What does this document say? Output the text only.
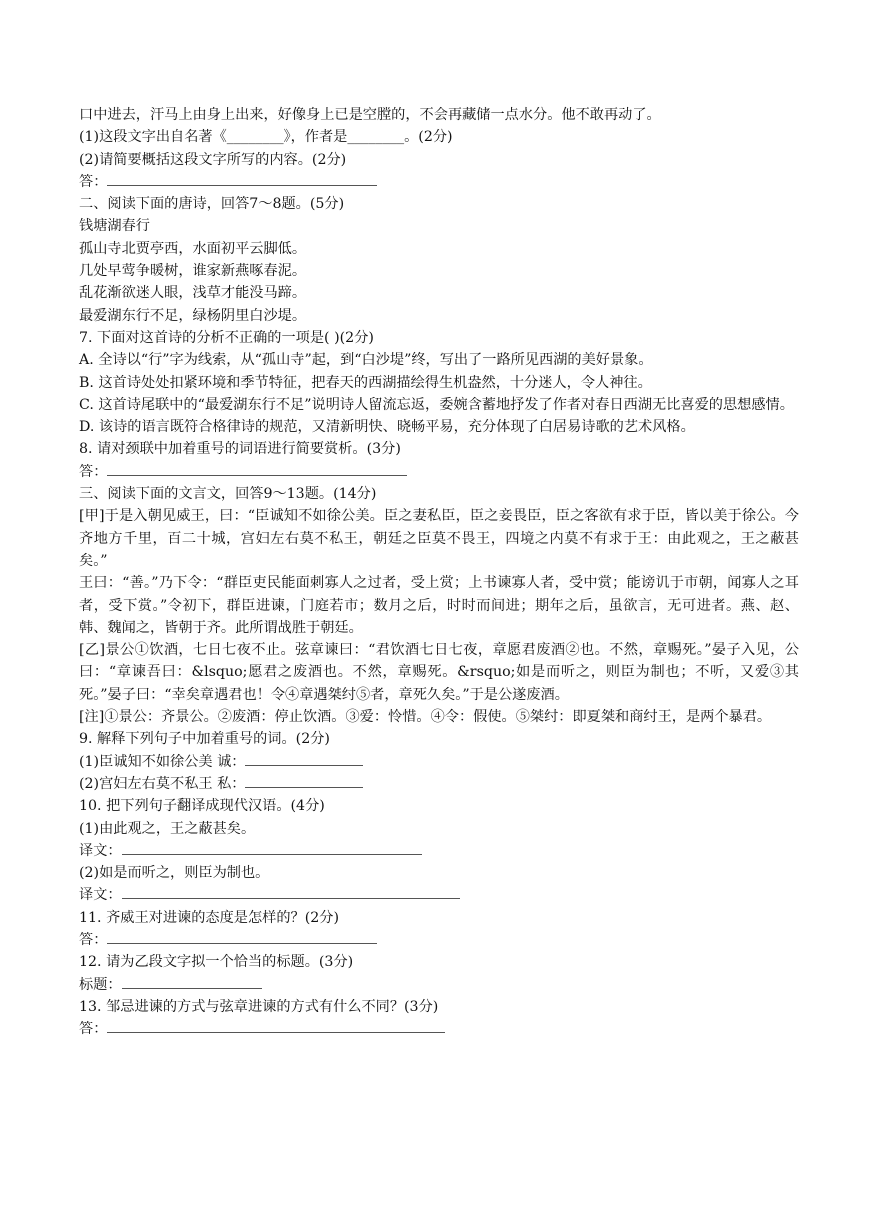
口中进去，汗马上由身上出来，好像身上已是空膛的，不会再藏储一点水分。他不敢再动了。
(1)这段文字出自名著《________》，作者是________。(2分)
(2)请简要概括这段文字所写的内容。(2分)
答：
二、阅读下面的唐诗，回答7～8题。(5分)
钱塘湖春行
孤山寺北贾亭西，水面初平云脚低。
几处早莺争暖树，谁家新燕啄春泥。
乱花渐欲迷人眼，浅草才能没马蹄。
最爱湖东行不足，绿杨阴里白沙堤。
7. 下面对这首诗的分析不正确的一项是( )(2分)
A. 全诗以“行”字为线索，从“孤山寺”起，到“白沙堤”终，写出了一路所见西湖的美好景象。
B. 这首诗处处扣紧环境和季节特征，把春天的西湖描绘得生机盎然，十分迷人，令人神往。
C. 这首诗尾联中的“最爱湖东行不足”说明诗人留流忘返，委婉含蓄地抒发了作者对春日西湖无比喜爱的思想感情。
D. 该诗的语言既符合格律诗的规范，又清新明快、晓畅平易，充分体现了白居易诗歌的艺术风格。
8. 请对颈联中加着重号的词语进行简要赏析。(3分)
答：
三、阅读下面的文言文，回答9～13题。(14分)
[甲]于是入朝见威王，曰：“臣诚知不如徐公美。臣之妻私臣，臣之妾畏臣，臣之客欲有求于臣，皆以美于徐公。今齐地方千里，百二十城，宫妇左右莫不私王，朝廷之臣莫不畏王，四境之内莫不有求于王：由此观之，王之蔽甚矣。”
王曰：“善。”乃下令：“群臣吏民能面刺寡人之过者，受上赏；上书谏寡人者，受中赏；能谤讥于市朝，闻寡人之耳者，受下赏。”令初下，群臣进谏，门庭若市；数月之后，时时而间进；期年之后，虽欲言，无可进者。燕、赵、韩、魏闻之，皆朝于齐。此所谓战胜于朝廷。
[乙]景公①饮酒，七日七夜不止。弦章谏曰：“君饮酒七日七夜，章愿君废酒②也。不然，章赐死。”晏子入见，公曰：“章谏吾曰：&lsquo;愿君之废酒也。不然，章赐死。&rsquo;如是而听之，则臣为制也；不听，又爱③其死。”晏子曰：“幸矣章遇君也！令④章遇桀纣⑤者，章死久矣。”于是公遂废酒。
[注]①景公：齐景公。②废酒：停止饮酒。③爱：怜惜。④令：假使。⑤桀纣：即夏桀和商纣王，是两个暴君。
9. 解释下列句子中加着重号的词。(2分)
(1)臣诚知不如徐公美 诚：
(2)宫妇左右莫不私王 私：
10. 把下列句子翻译成现代汉语。(4分)
(1)由此观之，王之蔽甚矣。
译文：
(2)如是而听之，则臣为制也。
译文：
11. 齐威王对进谏的态度是怎样的？(2分)
答：
12. 请为乙段文字拟一个恰当的标题。(3分)
标题：
13. 邹忌进谏的方式与弦章进谏的方式有什么不同？(3分)
答：
